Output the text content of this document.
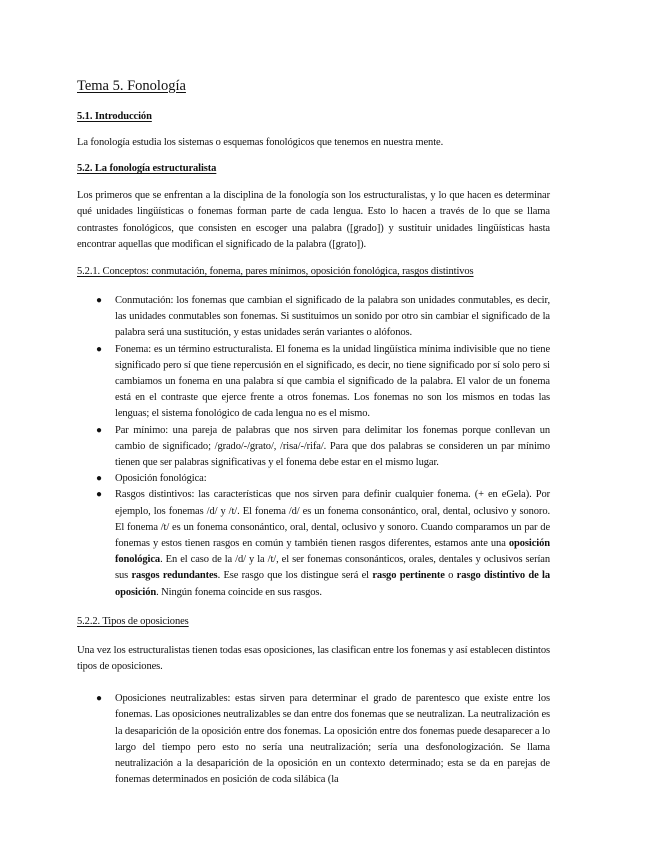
Tema 5. Fonología
5.1. Introducción

La fonología estudia los sistemas o esquemas fonológicos que tenemos en nuestra mente.

5.2. La fonología estructuralista

Los primeros que se enfrentan a la disciplina de la fonología son los estructuralistas, y lo que hacen es determinar qué unidades lingüísticas o fonemas forman parte de cada lengua. Esto lo hacen a través de lo que se llama contrastes fonológicos, que consisten en escoger una palabra ([grado]) y sustituir unidades lingüísticas hasta encontrar aquellas que modifican el significado de la palabra ([grato]).

5.2.1. Conceptos: conmutación, fonema, pares mínimos, oposición fonológica, rasgos distintivos
● Conmutación: los fonemas que cambian el significado de la palabra son unidades conmutables, es decir, las unidades conmutables son fonemas. Si sustituimos un sonido por otro sin cambiar el significado de la palabra será una sustitución, y estas unidades serán variantes o alófonos.
● Fonema: es un término estructuralista. El fonema es la unidad lingüística mínima indivisible que no tiene significado pero sí que tiene repercusión en el significado, es decir, no tiene significado por sí solo pero si cambiamos un fonema en una palabra sí que cambia el significado de la palabra. El valor de un fonema está en el contraste que ejerce frente a otros fonemas. Los fonemas no son los mismos en todas las lenguas; el sistema fonológico de cada lengua no es el mismo.
● Par mínimo: una pareja de palabras que nos sirven para delimitar los fonemas porque conllevan un cambio de significado; /grado/-/grato/, /risa/-/rifa/. Para que dos palabras se consideren un par mínimo tienen que ser palabras significativas y el fonema debe estar en el mismo lugar.
● Oposición fonológica:
● Rasgos distintivos: las características que nos sirven para definir cualquier fonema. (+ en eGela). Por ejemplo, los fonemas /d/ y /t/. El fonema /d/ es un fonema consonántico, oral, dental, oclusivo y sonoro. El fonema /t/ es un fonema consonántico, oral, dental, oclusivo y sonoro. Cuando comparamos un par de fonemas y estos tienen rasgos en común y también tienen rasgos diferentes, estamos ante una oposición fonológica. En el caso de la /d/ y la /t/, el ser fonemas consonánticos, orales, dentales y oclusivos serían sus rasgos redundantes. Ese rasgo que los distingue será el rasgo pertinente o rasgo distintivo de la oposición. Ningún fonema coincide en sus rasgos.
5.2.2. Tipos de oposiciones

Una vez los estructuralistas tienen todas esas oposiciones, las clasifican entre los fonemas y así establecen distintos tipos de oposiciones.

● Oposiciones neutralizables: estas sirven para determinar el grado de parentesco que existe entre los fonemas. Las oposiciones neutralizables se dan entre dos fonemas que se neutralizan. La neutralización es la desaparición de la oposición entre dos fonemas. La oposición entre dos fonemas puede desaparecer a lo largo del tiempo pero esto no sería una neutralización; sería una desfonologización. Se llama neutralización a la desaparición de la oposición en un contexto determinado; esta se da en parejas de fonemas determinados en posición de coda silábica (la
